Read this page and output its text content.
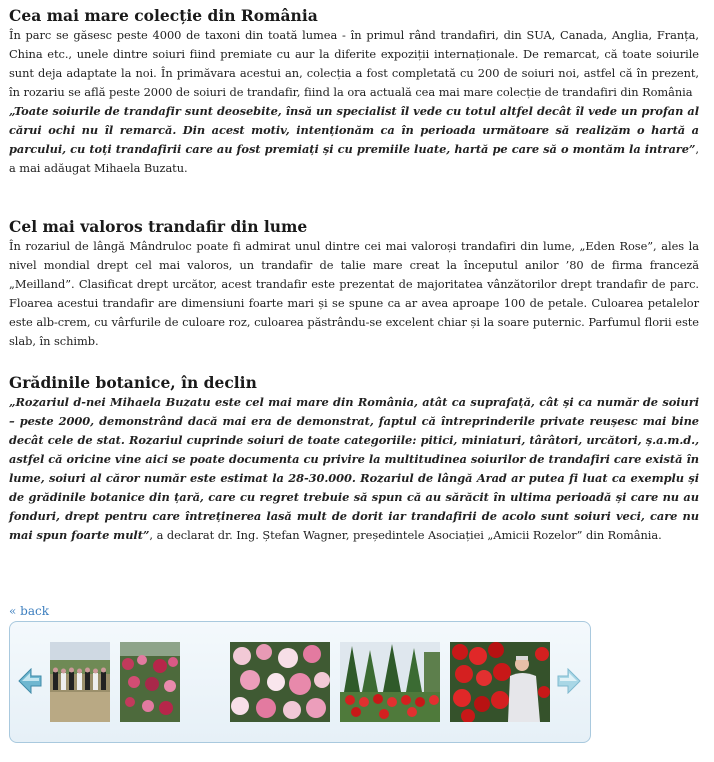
Cea mai mare colecție din România

În parc se găsesc peste 4000 de taxoni din toată lumea - în primul rând trandafiri, din SUA, Canada, Anglia, Franța, China etc., unele dintre soiuri fiind premiate cu aur la diferite expoziții internaționale. De remarcat, că toate soiurile sunt deja adaptate la noi. În primăvara acestui an, colecția a fost completată cu 200 de soiuri noi, astfel că în prezent, în rozariu se află peste 2000 de soiuri de trandafir, fiind la ora actuală cea mai mare colecție de trandafiri din România
„Toate soiurile de trandafir sunt deosebite, însă un specialist îl vede cu totul altfel decât îl vede un profan al cărui ochi nu îl remarcă. Din acest motiv, intenționăm ca în perioada următoare să realizăm o hartă a parcului, cu toți trandafirii care au fost premiați și cu premiile luate, hartă pe care să o montăm la intrare”, a mai adăugat Mihaela Buzatu.

Cel mai valoros trandafir din lume

În rozariul de lângă Mândruloc poate fi admirat unul dintre cei mai valoroși trandafiri din lume, „Eden Rose”, ales la nivel mondial drept cel mai valoros, un trandafir de talie mare creat la începutul anilor ’80 de firma franceză „Meilland”. Clasificat drept urcător, acest trandafir este prezentat de majoritatea vânzătorilor drept trandafir de parc. Floarea acestui trandafir are dimensiuni foarte mari și se spune ca ar avea aproape 100 de petale. Culoarea petalelor este alb-crem, cu vârfurile de culoare roz, culoarea păstrându-se excelent chiar și la soare puternic. Parfumul florii este slab, în schimb.

Grădinile botanice, în declin

„Rozariul d-nei Mihaela Buzatu este cel mai mare din România, atât ca suprafață, cât și ca număr de soiuri – peste 2000, demonstrând dacă mai era de demonstrat, faptul că întreprinderile private reușesc mai bine decât cele de stat. Rozariul cuprinde soiuri de toate categoriile: pitici, miniaturi, târâtori, urcători, ș.a.m.d., astfel că oricine vine aici se poate documenta cu privire la multitudinea soiurilor de trandafiri care există în lume, soiuri al căror număr este estimat la 28-30.000. Rozariul de lângă Arad ar putea fi luat ca exemplu și de grădinile botanice din țară, care cu regret trebuie să spun că au sărăcit în ultima perioadă și care nu au fonduri, drept pentru care întreținerea lasă mult de dorit iar trandafirii de acolo sunt soiuri veci, care nu mai spun foarte mult”, a declarat dr. Ing. Ștefan Wagner, președintele Asociației „Amicii Rozelor” din România.

« back
